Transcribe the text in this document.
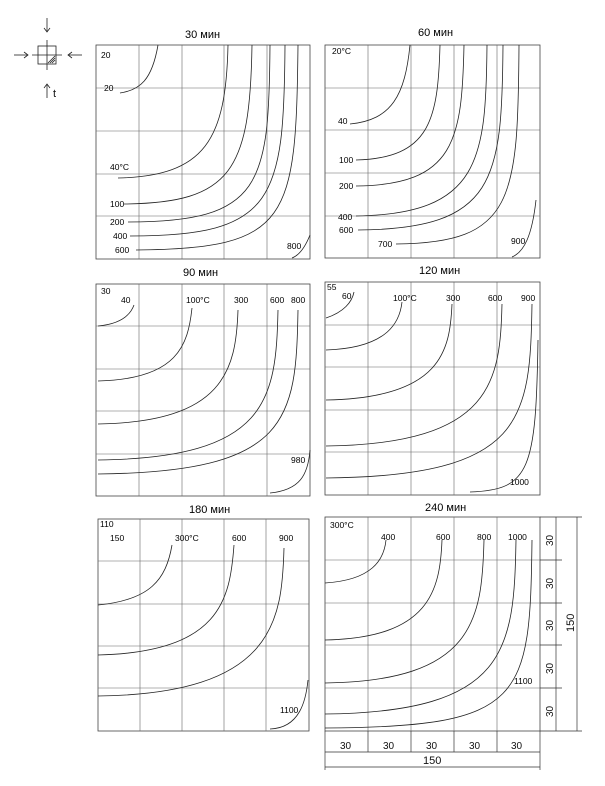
t
30 мин
20
20
40°C
100
200
400
600	800
60 мин
20°C
40
100
200
400
600
700	900
90 мин
30
40	100°C	300	600 800
980
120 мин
55
60	100°C	300	600 900
1000
180 мин
110
150	300°C	600	900
1100
240 мин
300°C
400	600	800 1000
1100
30
30
30
30
30
150
30	30	30	30	30
150
